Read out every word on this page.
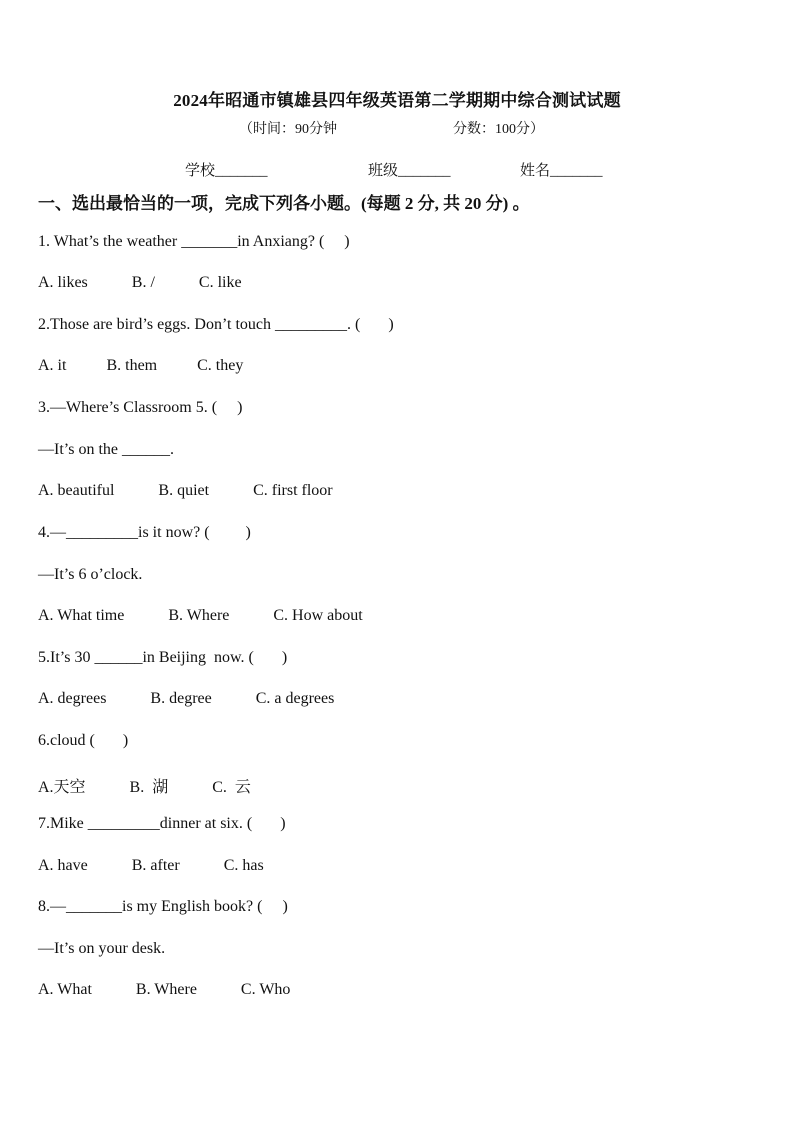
2024年昭通市镇雄县四年级英语第二学期期中综合测试试题
（时间：90分钟	分数：100分）
学校_______	班级_______	姓名_______
一、选出最恰当的一项，完成下列各小题。(每题 2 分, 共 20 分) 。
1. What’s the weather _______in Anxiang? (     )
A. likes           B. /           C. like
2.Those are bird’s eggs. Don’t touch _________. (       )
A. it          B. them          C. they
3.—Where’s Classroom 5. (     )
—It’s on the ______.
A. beautiful           B. quiet           C. first floor
4.—_________is it now? (         )
—It’s 6 o’clock.
A. What time           B. Where           C. How about
5.It’s 30 ______in Beijing  now. (       )
A. degrees           B. degree           C. a degrees
6.cloud (       )
A.天空           B.  湖           C.  云
7.Mike _________dinner at six. (       )
A. have           B. after           C. has
8.—_______is my English book? (     )
—It’s on your desk.
A. What           B. Where           C. Who
